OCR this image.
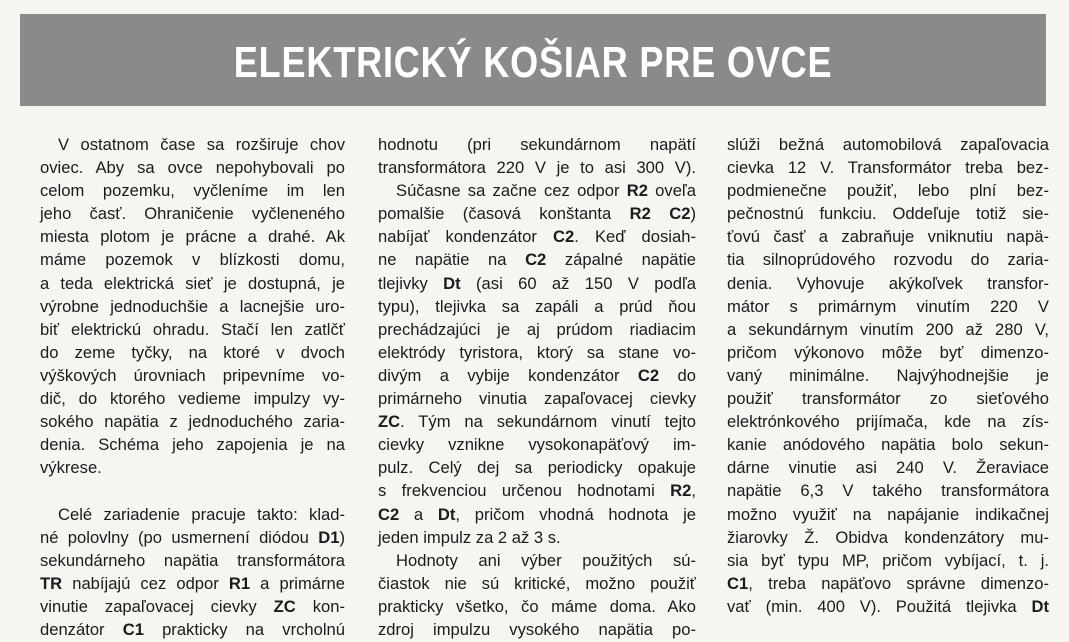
ELEKTRICKÝ KOŠIAR PRE OVCE
V ostatnom čase sa rozširuje chov
oviec. Aby sa ovce nepohybovali po
celom pozemku, vyčleníme im len
jeho časť. Ohraničenie vyčleneného
miesta plotom je prácne a drahé. Ak
máme pozemok v blízkosti domu,
a teda elektrická sieť je dostupná, je
výrobne jednoduchšie a lacnejšie uro-
biť elektrickú ohradu. Stačí len zatlčť
do zeme tyčky, na ktoré v dvoch
výškových úrovniach pripevníme vo-
dič, do ktorého vedieme impulzy vy-
sokého napätia z jednoduchého zaria-
denia. Schéma jeho zapojenia je na
výkrese.
Celé zariadenie pracuje takto: klad-
né polovlny (po usmernení diódou D1)
sekundárneho napätia transformátora
TR nabíjajú cez odpor R1 a primárne
vinutie zapaľovacej cievky ZC kon-
denzátor C1 prakticky na vrcholnú
hodnotu (pri sekundárnom napätí
transformátora 220 V je to asi 300 V).
Súčasne sa začne cez odpor R2 oveľa
pomalšie (časová konštanta R2 C2)
nabíjať kondenzátor C2. Keď dosiah-
ne napätie na C2 zápalné napätie
tlejivky Dt (asi 60 až 150 V podľa
typu), tlejivka sa zapáli a prúd ňou
prechádzajúci je aj prúdom riadiacim
elektródy tyristora, ktorý sa stane vo-
divým a vybije kondenzátor C2 do
primárneho vinutia zapaľovacej cievky
ZC. Tým na sekundárnom vinutí tejto
cievky vznikne vysokonapäťový im-
pulz. Celý dej sa periodicky opakuje
s frekvenciou určenou hodnotami R2,
C2 a Dt, pričom vhodná hodnota je
jeden impulz za 2 až 3 s.
Hodnoty ani výber použitých sú-
čiastok nie sú kritické, možno použiť
prakticky všetko, čo máme doma. Ako
zdroj impulzu vysokého napätia po-
slúži bežná automobilová zapaľovacia
cievka 12 V. Transformátor treba bez-
podmienečne použiť, lebo plní bez-
pečnostnú funkciu. Oddeľuje totiž sie-
ťovú časť a zabraňuje vniknutiu napä-
tia silnoprúdového rozvodu do zaria-
denia. Vyhovuje akýkoľvek transfor-
mátor s primárnym vinutím 220 V
a sekundárnym vinutím 200 až 280 V,
pričom výkonovo môže byť dimenzo-
vaný minimálne. Najvýhodnejšie je
použiť transformátor zo sieťového
elektrónkového prijímača, kde na zís-
kanie anódového napätia bolo sekun-
dárne vinutie asi 240 V. Žeraviace
napätie 6,3 V takého transformátora
možno využiť na napájanie indikačnej
žiarovky Ž. Obidva kondenzátory mu-
sia byť typu MP, pričom vybíjací, t. j.
C1, treba napäťovo správne dimenzo-
vať (min. 400 V). Použitá tlejivka Dt
